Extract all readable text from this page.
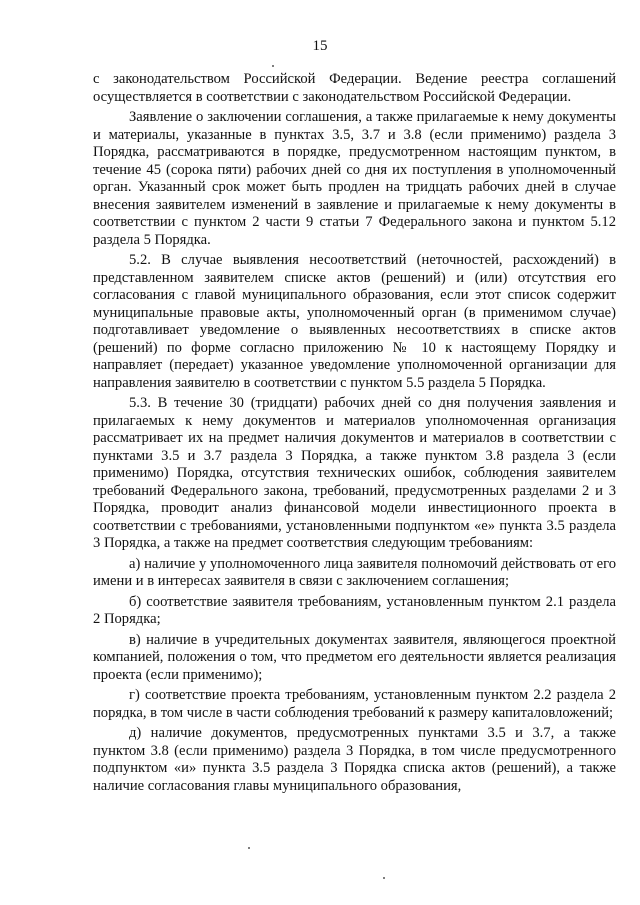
15

с законодательством Российской Федерации. Ведение реестра соглашений осуществляется в соответствии с законодательством Российской Федерации.

Заявление о заключении соглашения, а также прилагаемые к нему документы и материалы, указанные в пунктах 3.5, 3.7 и 3.8 (если применимо) раздела 3 Порядка, рассматриваются в порядке, предусмотренном настоящим пунктом, в течение 45 (сорока пяти) рабочих дней со дня их поступления в уполномоченный орган. Указанный срок может быть продлен на тридцать рабочих дней в случае внесения заявителем изменений в заявление и прилагаемые к нему документы в соответствии с пунктом 2 части 9 статьи 7 Федерального закона и пунктом 5.12 раздела 5 Порядка.

5.2. В случае выявления несоответствий (неточностей, расхождений) в представленном заявителем списке актов (решений) и (или) отсутствия его согласования с главой муниципального образования, если этот список содержит муниципальные правовые акты, уполномоченный орган (в применимом случае) подготавливает уведомление о выявленных несоответствиях в списке актов (решений) по форме согласно приложению № 10 к настоящему Порядку и направляет (передает) указанное уведомление уполномоченной организации для направления заявителю в соответствии с пунктом 5.5 раздела 5 Порядка.

5.3. В течение 30 (тридцати) рабочих дней со дня получения заявления и прилагаемых к нему документов и материалов уполномоченная организация рассматривает их на предмет наличия документов и материалов в соответствии с пунктами 3.5 и 3.7 раздела 3 Порядка, а также пунктом 3.8 раздела 3 (если применимо) Порядка, отсутствия технических ошибок, соблюдения заявителем требований Федерального закона, требований, предусмотренных разделами 2 и 3 Порядка, проводит анализ финансовой модели инвестиционного проекта в соответствии с требованиями, установленными подпунктом «е» пункта 3.5 раздела 3 Порядка, а также на предмет соответствия следующим требованиям:

а) наличие у уполномоченного лица заявителя полномочий действовать от его имени и в интересах заявителя в связи с заключением соглашения;

б) соответствие заявителя требованиям, установленным пунктом 2.1 раздела 2 Порядка;

в) наличие в учредительных документах заявителя, являющегося проектной компанией, положения о том, что предметом его деятельности является реализация проекта (если применимо);

г) соответствие проекта требованиям, установленным пунктом 2.2 раздела 2 порядка, в том числе в части соблюдения требований к размеру капиталовложений;

д) наличие документов, предусмотренных пунктами 3.5 и 3.7, а также пунктом 3.8 (если применимо) раздела 3 Порядка, в том числе предусмотренного подпунктом «и» пункта 3.5 раздела 3 Порядка списка актов (решений), а также наличие согласования главы муниципального образования,
